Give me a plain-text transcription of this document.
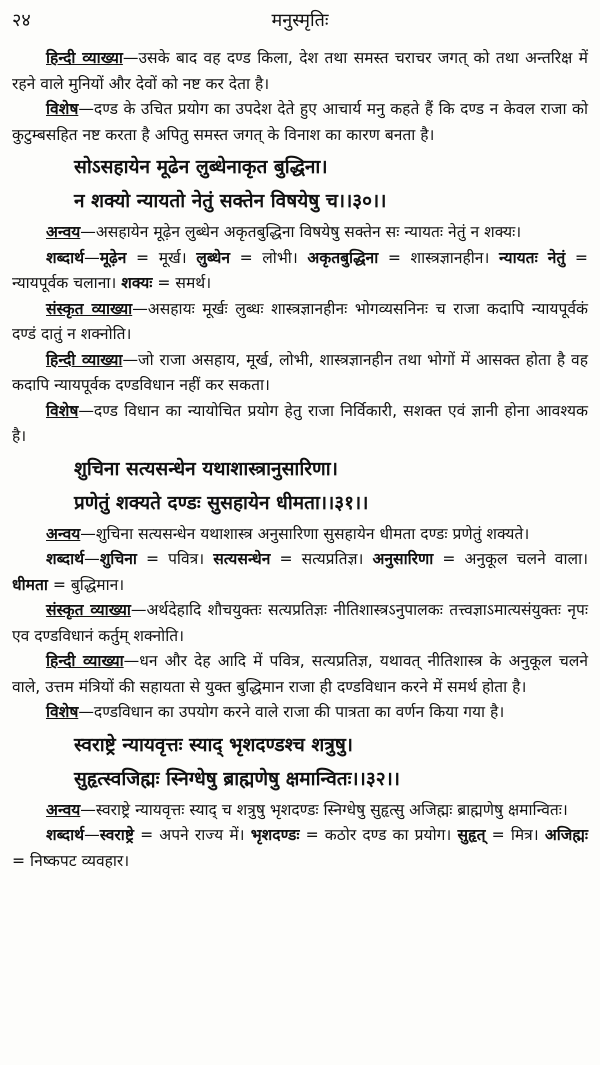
२४	मनुस्मृतिः

हिन्दी व्याख्या—उसके बाद वह दण्ड किला, देश तथा समस्त चराचर जगत् को तथा अन्तरिक्ष में रहने वाले मुनियों और देवों को नष्ट कर देता है।

विशेष—दण्ड के उचित प्रयोग का उपदेश देते हुए आचार्य मनु कहते हैं कि दण्ड न केवल राजा को कुटुम्बसहित नष्ट करता है अपितु समस्त जगत् के विनाश का कारण बनता है।

सोऽसहायेन मूढेन लुब्धेनाकृत बुद्धिना।
न शक्यो न्यायतो नेतुं सक्तेन विषयेषु च।।३०।।

अन्वय—असहायेन मूढ़ेन लुब्धेन अकृतबुद्धिना विषयेषु सक्तेन सः न्यायतः नेतुं न शक्यः।

शब्दार्थ—मूढ़ेन = मूर्ख। लुब्धेन = लोभी। अकृतबुद्धिना = शास्त्रज्ञानहीन। न्यायतः नेतुं = न्यायपूर्वक चलाना। शक्यः = समर्थ।

संस्कृत व्याख्या—असहायः मूर्खः लुब्धः शास्त्रज्ञानहीनः भोगव्यसनिनः च राजा कदापि न्यायपूर्वकं दण्डं दातुं न शक्नोति।

हिन्दी व्याख्या—जो राजा असहाय, मूर्ख, लोभी, शास्त्रज्ञानहीन तथा भोगों में आसक्त होता है वह कदापि न्यायपूर्वक दण्डविधान नहीं कर सकता।

विशेष—दण्ड विधान का न्यायोचित प्रयोग हेतु राजा निर्विकारी, सशक्त एवं ज्ञानी होना आवश्यक है।

शुचिना सत्यसन्धेन यथाशास्त्रानुसारिणा।
प्रणेतुं शक्यते दण्डः सुसहायेन धीमता।।३१।।

अन्वय—शुचिना सत्यसन्धेन यथाशास्त्र अनुसारिणा सुसहायेन धीमता दण्डः प्रणेतुं शक्यते।

शब्दार्थ—शुचिना = पवित्र। सत्यसन्धेन = सत्यप्रतिज्ञ। अनुसारिणा = अनुकूल चलने वाला। धीमता = बुद्धिमान।

संस्कृत व्याख्या—अर्थदेहादि शौचयुक्तः सत्यप्रतिज्ञः नीतिशास्त्रऽनुपालकः तत्त्वज्ञाऽमात्यसंयुक्तः नृपः एव दण्डविधानं कर्तुम् शक्नोति।

हिन्दी व्याख्या—धन और देह आदि में पवित्र, सत्यप्रतिज्ञ, यथावत् नीतिशास्त्र के अनुकूल चलने वाले, उत्तम मंत्रियों की सहायता से युक्त बुद्धिमान राजा ही दण्डविधान करने में समर्थ होता है।

विशेष—दण्डविधान का उपयोग करने वाले राजा की पात्रता का वर्णन किया गया है।

स्वराष्ट्रे न्यायवृत्तः स्याद् भृशदण्डश्च शत्रुषु।
सुहृत्स्वजिह्मः स्निग्धेषु ब्राह्मणेषु क्षमान्वितः।।३२।।

अन्वय—स्वराष्ट्रे न्यायवृत्तः स्याद् च शत्रुषु भृशदण्डः स्निग्धेषु सुहृत्सु अजिह्मः ब्राह्मणेषु क्षमान्वितः।

शब्दार्थ—स्वराष्ट्रे = अपने राज्य में। भृशदण्डः = कठोर दण्ड का प्रयोग। सुहृत् = मित्र। अजिह्मः = निष्कपट व्यवहार।
